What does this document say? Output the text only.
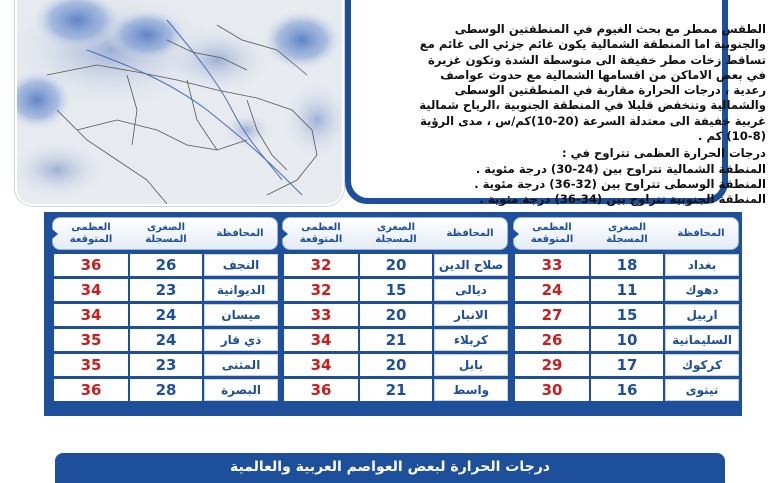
الطقس ممطر مع بحث الغيوم في المنطقتين الوسطى والجنوبية اما المنطقة الشمالية يكون غائم جزئي الى غائم مع تساقط زخات مطر خفيفة الى متوسطة الشدة وتكون غزيرة في بعض الاماكن من اقسامها الشمالية مع حدوث عواصف رعدية ، درجات الحرارة مقاربة في المنطقتين الوسطى والشمالية وتنخفض قليلا في المنطقة الجنوبية ،الرياح شمالية غربية خفيفة الى معتدلة السرعة (20-10)كم/س ، مدى الرؤية (8-10) كم .

درجات الحرارة العظمى تتراوح في :

المنطقة الشمالية تتراوح بين (24-30) درجة مئوية .

المنطقة الوسطى تتراوح بين (32-36) درجة مئوية .

المنطقة الجنوبية تتراوح بين (34-36) درجة مئوية .

المحافظة
الصغرى
المسجلة
العظمى
المتوقعة
بغداد
18
33
دهوك
11
24
اربيل
15
27
السليمانية
10
26
كركوك
17
29
نينوى
16
30
المحافظة
الصغرى
المسجلة
العظمى
المتوقعة
صلاح الدين
20
32
ديالى
15
32
الانبار
20
33
كربلاء
21
34
بابل
20
34
واسط
21
36
المحافظة
الصغرى
المسجلة
العظمى
المتوقعة
النجف
26
36
الديوانية
23
34
ميسان
24
34
ذي قار
24
35
المثنى
23
35
البصرة
28
36
درجات الحرارة لبعض العواصم العربية والعالمية
